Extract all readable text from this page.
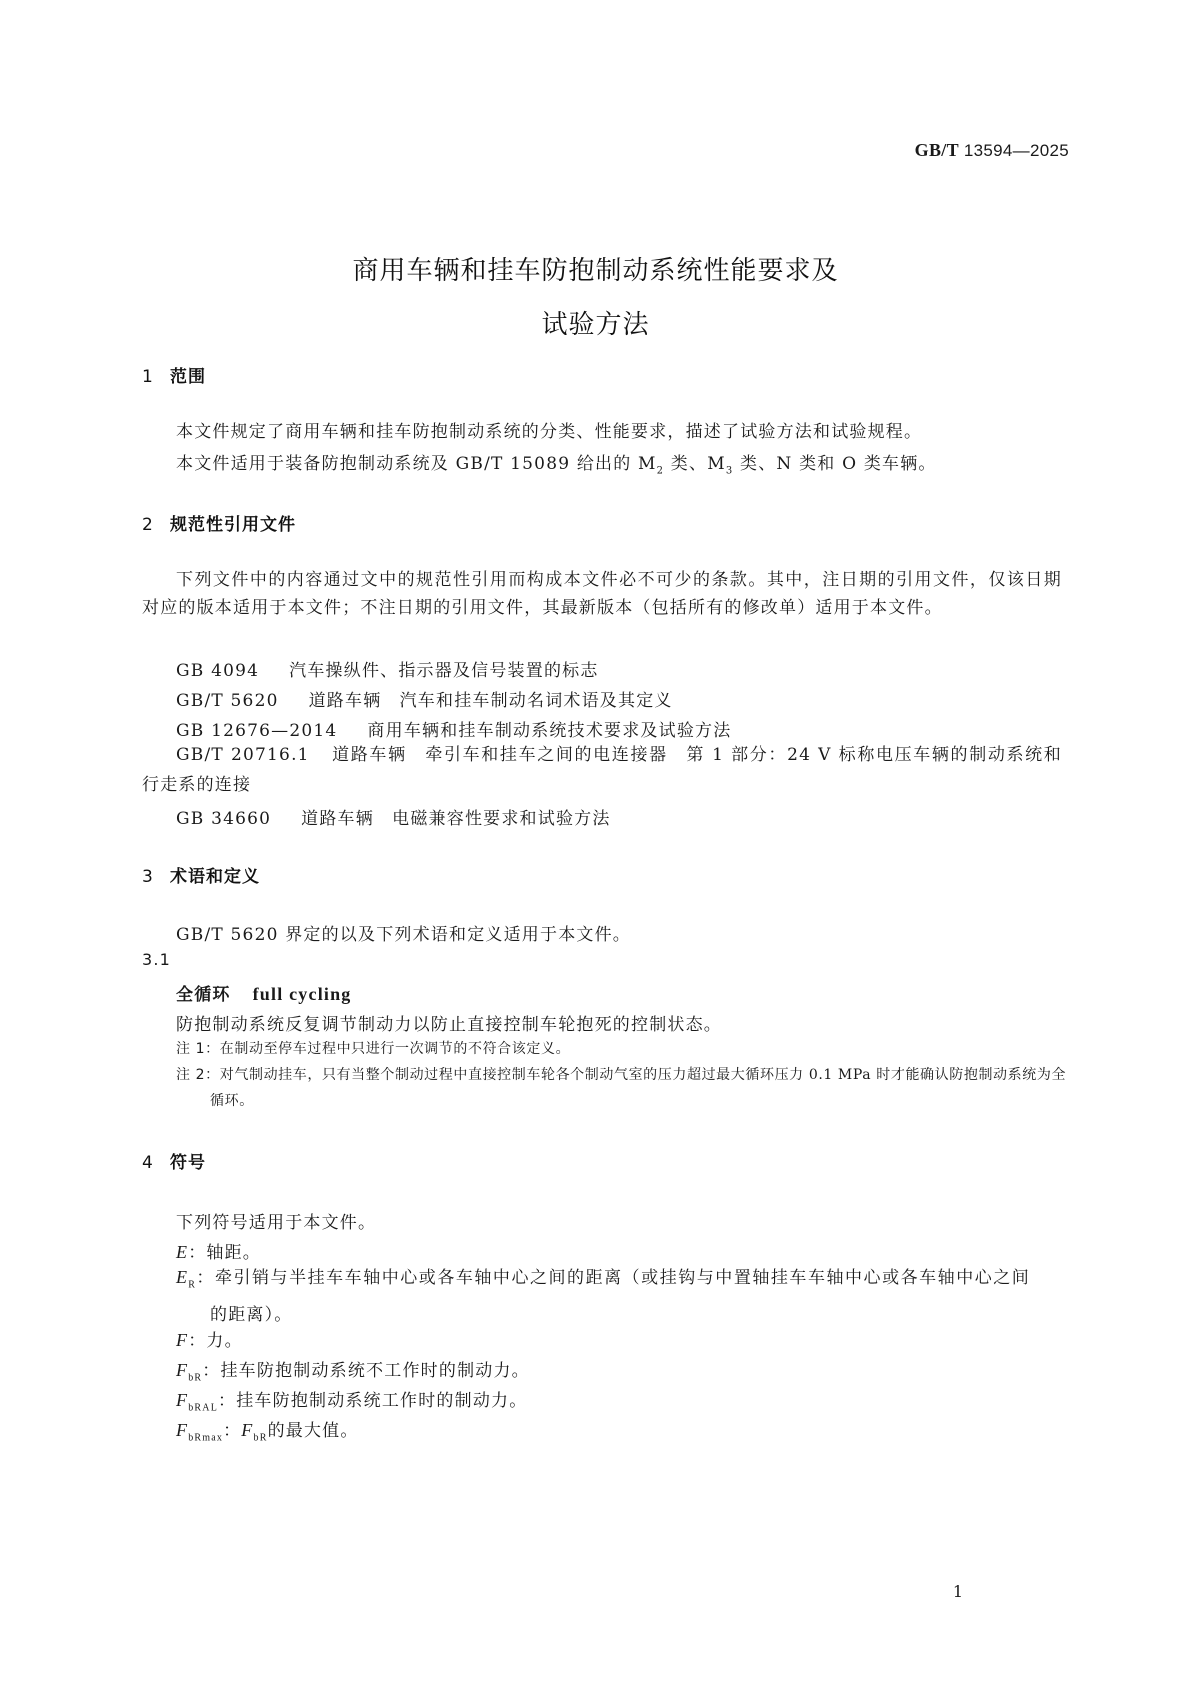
GB/T 13594—2025
商用车辆和挂车防抱制动系统性能要求及
试验方法
1 范围

本文件规定了商用车辆和挂车防抱制动系统的分类、性能要求，描述了试验方法和试验规程。

本文件适用于装备防抱制动系统及 GB/T 15089 给出的 $M_2$ 类、$M_3$ 类、N 类和 O 类车辆。

2 规范性引用文件

下列文件中的内容通过文中的规范性引用而构成本文件必不可少的条款。其中，注日期的引用文件，仅该日期对应的版本适用于本文件；不注日期的引用文件，其最新版本（包括所有的修改单）适用于本文件。

GB 4094 汽车操纵件、指示器及信号装置的标志
GB/T 5620 道路车辆　汽车和挂车制动名词术语及其定义
GB 12676—2014 商用车辆和挂车制动系统技术要求及试验方法

GB/T 20716.1 道路车辆　牵引车和挂车之间的电连接器　第 1 部分：24 V 标称电压车辆的制动系统和行走系的连接

GB 34660 道路车辆　电磁兼容性要求和试验方法
3 术语和定义
GB/T 5620 界定的以及下列术语和定义适用于本文件。
3.1
全循环 full cycling
防抱制动系统反复调节制动力以防止直接控制车轮抱死的控制状态。
注 1：在制动至停车过程中只进行一次调节的不符合该定义。
注 2：对气制动挂车，只有当整个制动过程中直接控制车轮各个制动气室的压力超过最大循环压力 0.1 MPa 时才能确认防抱制动系统为全循环。
4 符号
下列符号适用于本文件。
E：轴距。
$E_R$：牵引销与半挂车车轴中心或各车轴中心之间的距离（或挂钩与中置轴挂车车轴中心或各车轴中心之间的距离）。
F：力。
$F_{bR}$：挂车防抱制动系统不工作时的制动力。
$F_{bRAL}$：挂车防抱制动系统工作时的制动力。
$F_{bRmax}$：$F_{bR}$的最大值。
1
